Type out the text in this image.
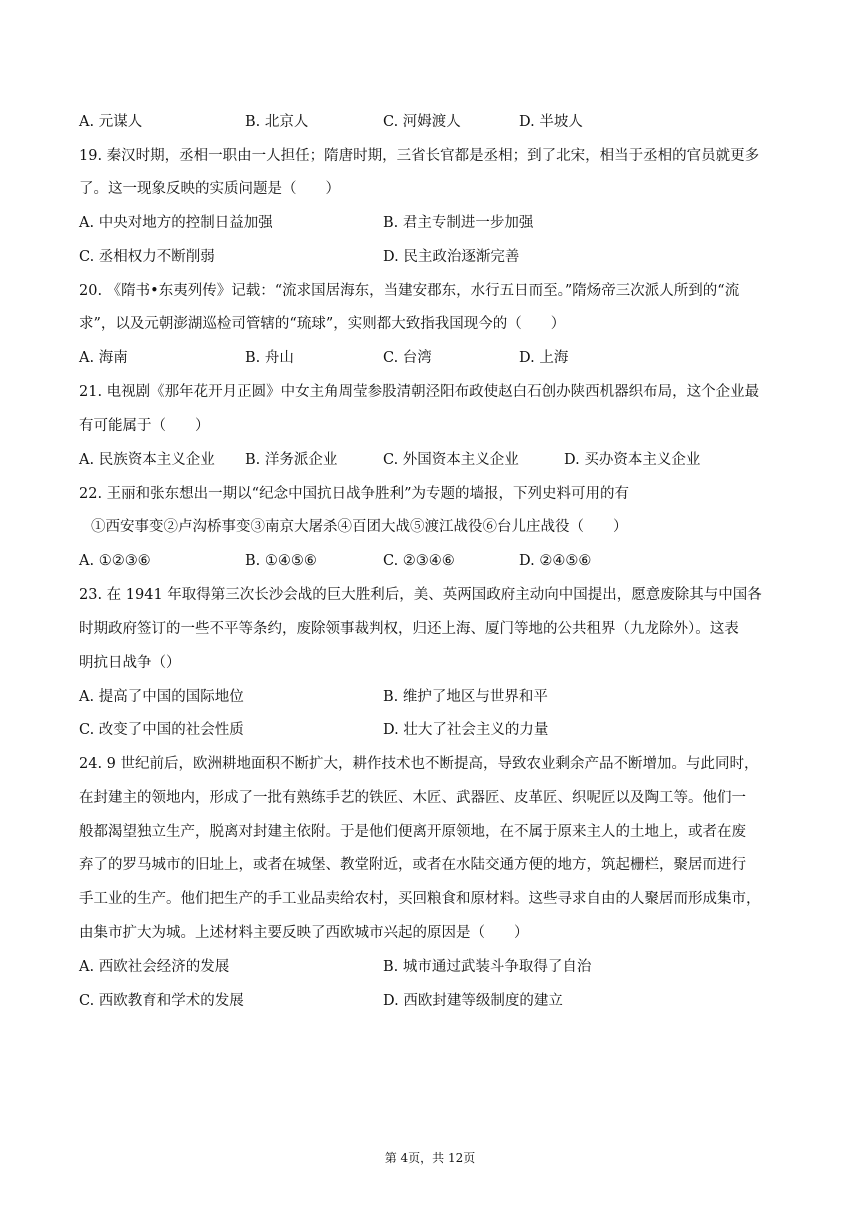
A. 元谋人	B. 北京人	C. 河姆渡人	D. 半坡人
19. 秦汉时期，丞相一职由一人担任；隋唐时期，三省长官都是丞相；到了北宋，相当于丞相的官员就更多
了。这一现象反映的实质问题是（　　）
A. 中央对地方的控制日益加强	B. 君主专制进一步加强
C. 丞相权力不断削弱	D. 民主政治逐渐完善
20. 《隋书•东夷列传》记载：“流求国居海东，当建安郡东，水行五日而至。”隋炀帝三次派人所到的“流
求”，以及元朝澎湖巡检司管辖的“琉球”，实则都大致指我国现今的（　　）
A. 海南	B. 舟山	C. 台湾	D. 上海
21. 电视剧《那年花开月正圆》中女主角周莹参股清朝泾阳布政使赵白石创办陕西机器织布局，这个企业最
有可能属于（　　）
A. 民族资本主义企业 B. 洋务派企业	C. 外国资本主义企业	D. 买办资本主义企业
22. 王丽和张东想出一期以“纪念中国抗日战争胜利”为专题的墙报，下列史料可用的有
①西安事变②卢沟桥事变③南京大屠杀④百团大战⑤渡江战役⑥台儿庄战役（　　）
A. ①②③⑥	B. ①④⑤⑥	C. ②③④⑥	D. ②④⑤⑥
23. 在 1941 年取得第三次长沙会战的巨大胜利后，美、英两国政府主动向中国提出，愿意废除其与中国各
时期政府签订的一些不平等条约，废除领事裁判权，归还上海、厦门等地的公共租界（九龙除外）。这表
明抗日战争（）
A. 提高了中国的国际地位	B. 维护了地区与世界和平
C. 改变了中国的社会性质	D. 壮大了社会主义的力量
24. 9 世纪前后，欧洲耕地面积不断扩大，耕作技术也不断提高，导致农业剩余产品不断增加。与此同时，
在封建主的领地内，形成了一批有熟练手艺的铁匠、木匠、武器匠、皮革匠、织呢匠以及陶工等。他们一
般都渴望独立生产，脱离对封建主依附。于是他们便离开原领地，在不属于原来主人的土地上，或者在废
弃了的罗马城市的旧址上，或者在城堡、教堂附近，或者在水陆交通方便的地方，筑起栅栏，聚居而进行
手工业的生产。他们把生产的手工业品卖给农村，买回粮食和原材料。这些寻求自由的人聚居而形成集市，
由集市扩大为城。上述材料主要反映了西欧城市兴起的原因是（　　）
A. 西欧社会经济的发展	B. 城市通过武装斗争取得了自治
C. 西欧教育和学术的发展	D. 西欧封建等级制度的建立
第 4页，共 12页
